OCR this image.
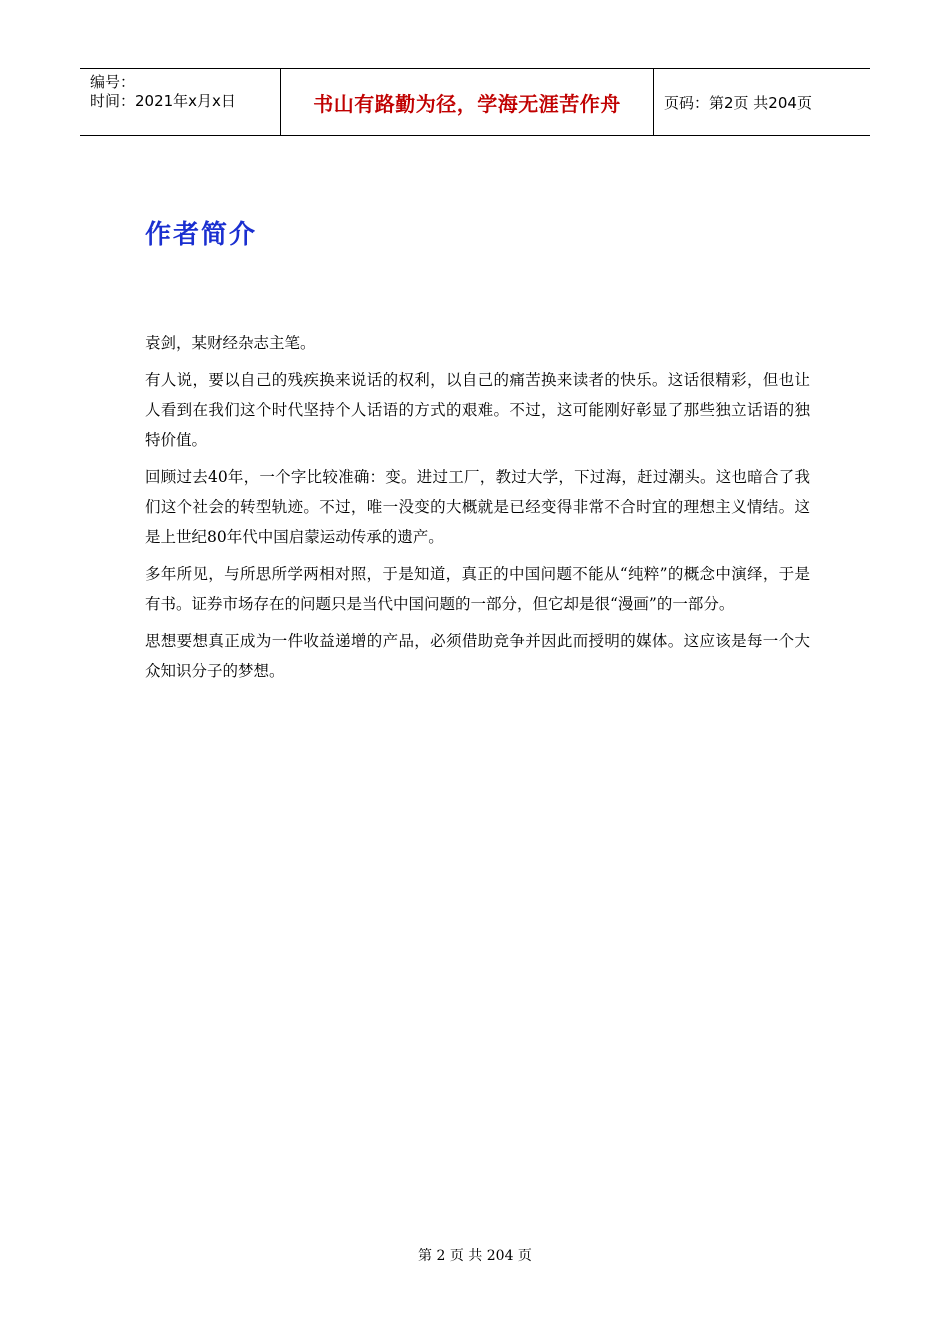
编号：
时间：2021年x月x日	书山有路勤为径，学海无涯苦作舟	页码：第2页 共204页
作者简介

袁剑，某财经杂志主笔。

有人说，要以自己的残疾换来说话的权利，以自己的痛苦换来读者的快乐。这话很精彩，但也让人看到在我们这个时代坚持个人话语的方式的艰难。不过，这可能刚好彰显了那些独立话语的独特价值。

回顾过去40年，一个字比较准确：变。进过工厂，教过大学，下过海，赶过潮头。这也暗合了我们这个社会的转型轨迹。不过，唯一没变的大概就是已经变得非常不合时宜的理想主义情结。这是上世纪80年代中国启蒙运动传承的遗产。

多年所见，与所思所学两相对照，于是知道，真正的中国问题不能从“纯粹”的概念中演绎，于是有书。证券市场存在的问题只是当代中国问题的一部分，但它却是很“漫画”的一部分。

思想要想真正成为一件收益递增的产品，必须借助竞争并因此而授明的媒体。这应该是每一个大众知识分子的梦想。

第 2 页 共 204 页
